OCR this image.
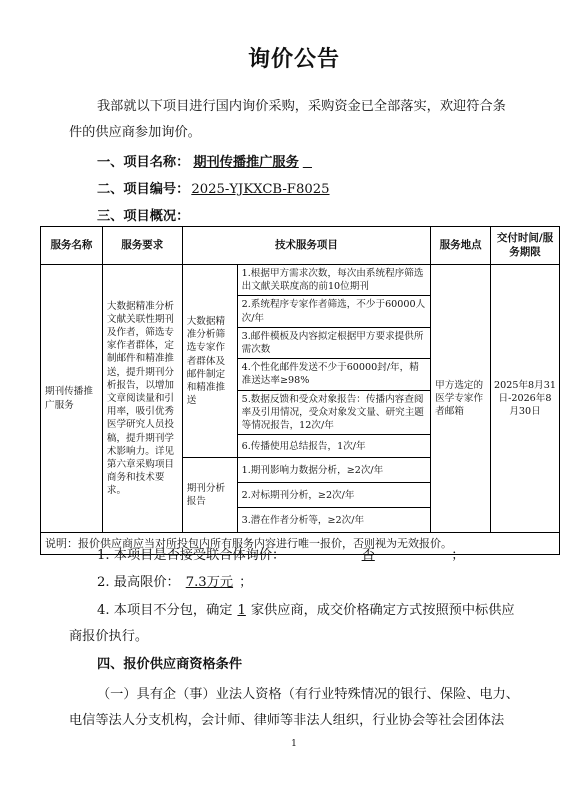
询价公告
我部就以下项目进行国内询价采购，采购资金已全部落实，欢迎符合条
件的供应商参加询价。
一、项目名称： 期刊传播推广服务
二、项目编号： 2025-YJKXCB-F8025
三、项目概况：
服务名称	服务要求	技术服务项目		服务地点	交付时间/服务期限
期刊传播推广服务	大数据精准分析文献关联性期刊及作者，筛选专家作者群体，定制邮件和精准推送，提升期刊分析报告，以增加文章阅读量和引用率，吸引优秀医学研究人员投稿，提升期刊学术影响力。详见第六章采购项目商务和技术要求。	大数据精准分析筛选专家作者群体及邮件制定和精准推送	1.根据甲方需求次数，每次由系统程序筛选出文献关联度高的前10位期刊	甲方选定的医学专家作者邮箱	2025年8月31日-2026年8月30日
			2.系统程序专家作者筛选，不少于60000人次/年		
			3.邮件模板及内容拟定根据甲方要求提供所需次数		
			4.个性化邮件发送不少于60000封/年，精准送达率≥98%		
			5.数据反馈和受众对象报告：传播内容查阅率及引用情况，受众对象发文量、研究主题等情况报告，12次/年		
			6.传播使用总结报告，1次/年		
		期刊分析报告	1.期刊影响力数据分析，≥2次/年		
			2.对标期刊分析，≥2次/年		
			3.潜在作者分析等，≥2次/年		
说明：报价供应商应当对所投包内所有服务内容进行唯一报价，否则视为无效报价。					
1. 本项目是否接受联合体询价：	否	；
2. 最高限价： 7.3万元 ；
4. 本项目不分包，确定 1 家供应商，成交价格确定方式按照预中标供应
商报价执行。
四、报价供应商资格条件
（一）具有企（事）业法人资格（有行业特殊情况的银行、保险、电力、
电信等法人分支机构，会计师、律师等非法人组织，行业协会等社会团体法
1
